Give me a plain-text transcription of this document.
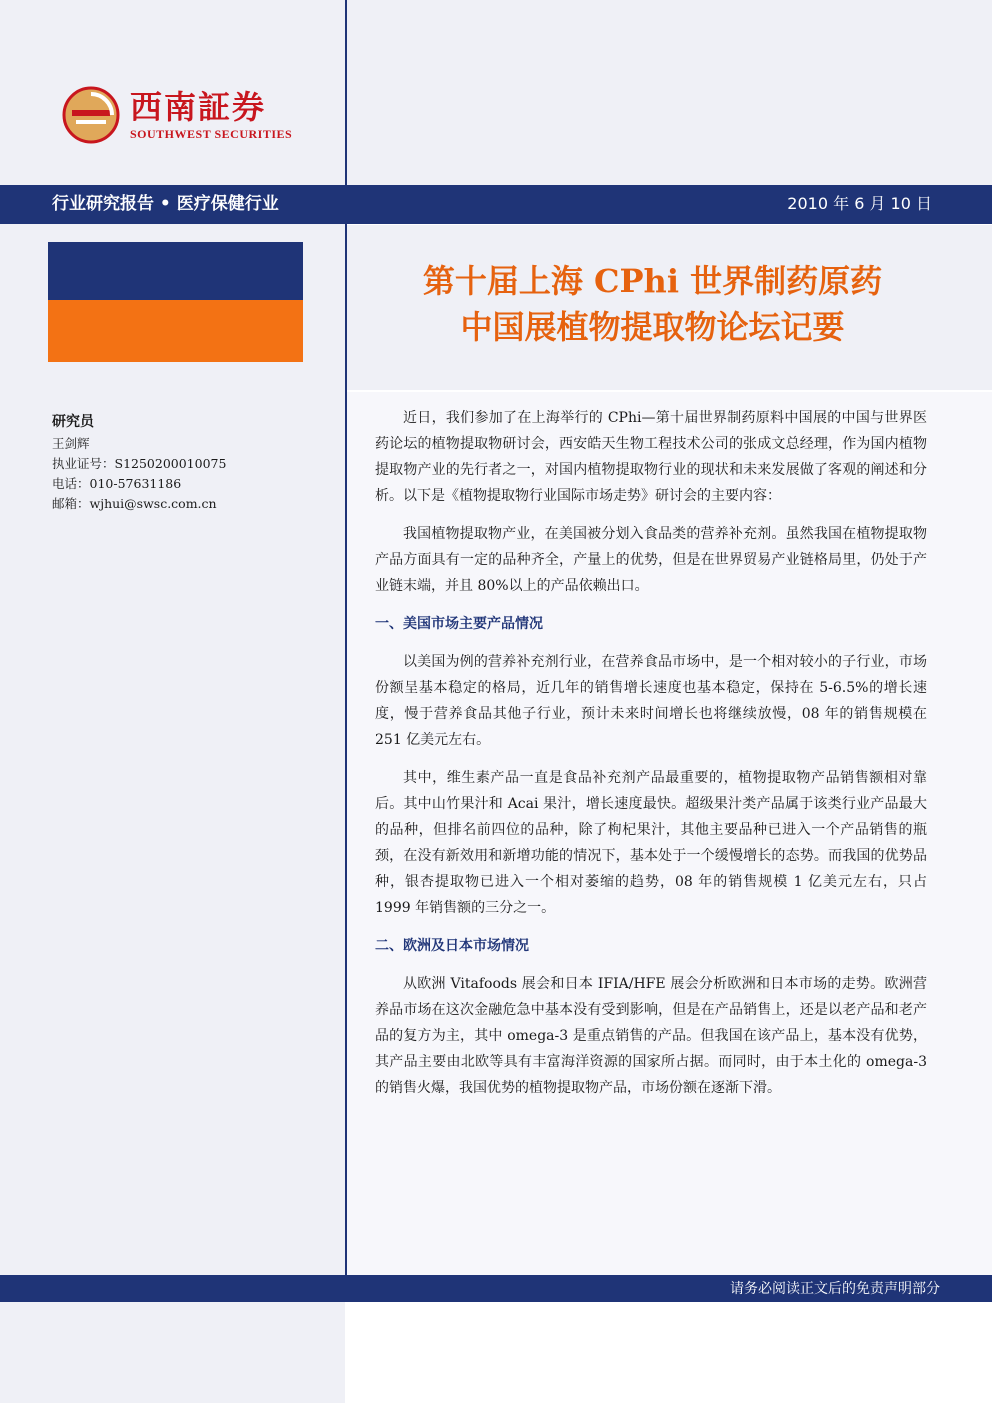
西南証券
SOUTHWEST SECURITIES
行业研究报告 • 医疗保健行业	2010 年 6 月 10 日
第十届上海 CPhi 世界制药原药
中国展植物提取物论坛记要
研究员
王剑辉
执业证号：S1250200010075
电话：010-57631186
邮箱：wjhui@swsc.com.cn

近日，我们参加了在上海举行的 CPhi—第十届世界制药原料中国展的中国与世界医药论坛的植物提取物研讨会，西安皓天生物工程技术公司的张成文总经理，作为国内植物提取物产业的先行者之一，对国内植物提取物行业的现状和未来发展做了客观的阐述和分析。以下是《植物提取物行业国际市场走势》研讨会的主要内容：

我国植物提取物产业，在美国被分划入食品类的营养补充剂。虽然我国在植物提取物产品方面具有一定的品种齐全，产量上的优势，但是在世界贸易产业链格局里，仍处于产业链末端，并且 80%以上的产品依赖出口。

一、美国市场主要产品情况

以美国为例的营养补充剂行业，在营养食品市场中，是一个相对较小的子行业，市场份额呈基本稳定的格局，近几年的销售增长速度也基本稳定，保持在 5-6.5%的增长速度，慢于营养食品其他子行业，预计未来时间增长也将继续放慢，08 年的销售规模在 251 亿美元左右。

其中，维生素产品一直是食品补充剂产品最重要的，植物提取物产品销售额相对靠后。其中山竹果汁和 Acai 果汁，增长速度最快。超级果汁类产品属于该类行业产品最大的品种，但排名前四位的品种，除了枸杞果汁，其他主要品种已进入一个产品销售的瓶颈，在没有新效用和新增功能的情况下，基本处于一个缓慢增长的态势。而我国的优势品种，银杏提取物已进入一个相对萎缩的趋势，08 年的销售规模 1 亿美元左右，只占 1999 年销售额的三分之一。

二、欧洲及日本市场情况

从欧洲 Vitafoods 展会和日本 IFIA/HFE 展会分析欧洲和日本市场的走势。欧洲营养品市场在这次金融危急中基本没有受到影响，但是在产品销售上，还是以老产品和老产品的复方为主，其中 omega-3 是重点销售的产品。但我国在该产品上，基本没有优势，其产品主要由北欧等具有丰富海洋资源的国家所占据。而同时，由于本土化的 omega-3 的销售火爆，我国优势的植物提取物产品，市场份额在逐渐下滑。

请务必阅读正文后的免责声明部分
